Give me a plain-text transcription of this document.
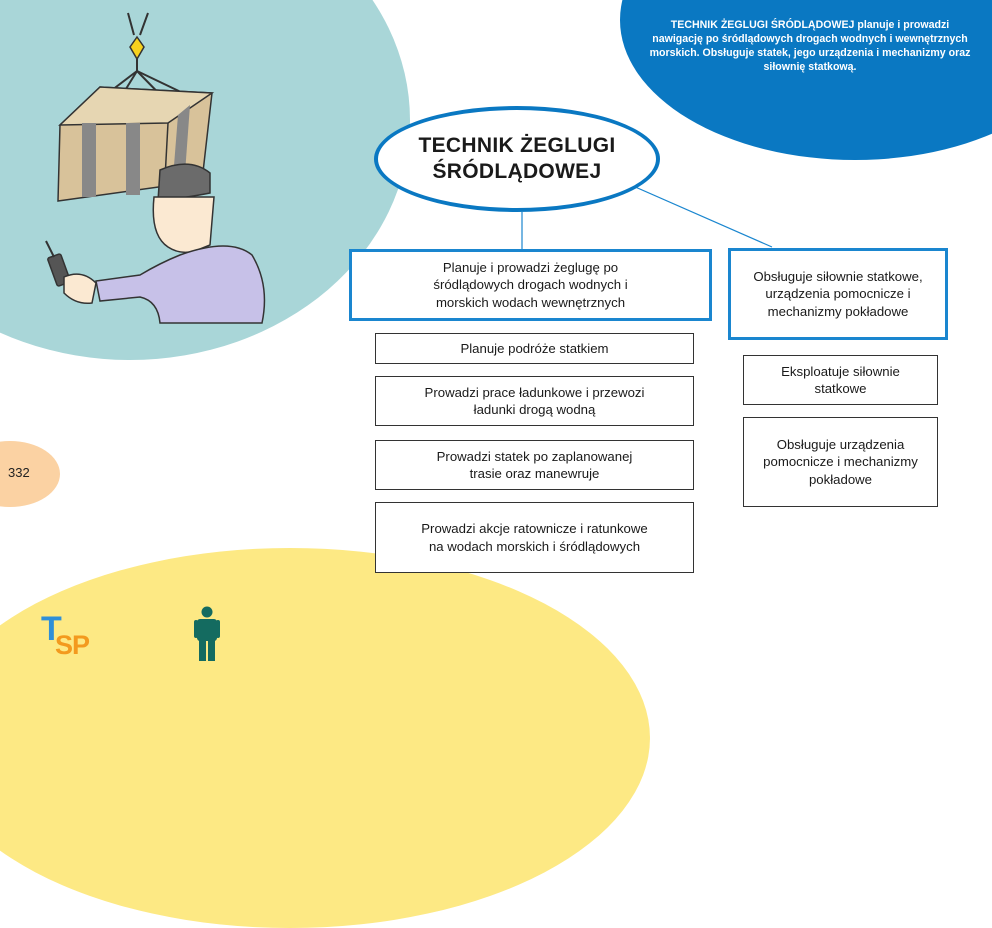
332
TECHNIK ŻEGLUGI ŚRÓDLĄDOWEJ planuje i prowadzi nawigację po śródlądowych drogach wodnych i wewnętrznych morskich. Obsługuje statek, jego urządzenia i mechanizmy oraz siłownię statkową.
TECHNIK ŻEGLUGI ŚRÓDLĄDOWEJ
Planuje i prowadzi żeglugę po śródlądowych drogach wodnych i morskich wodach wewnętrznych
Planuje podróże statkiem
Prowadzi prace ładunkowe i przewozi ładunki drogą wodną
Prowadzi statek po zaplanowanej trasie oraz manewruje
Prowadzi akcje ratownicze i ratunkowe na wodach morskich i śródlądowych
Obsługuje siłownie statkowe, urządzenia pomocnicze i mechanizmy pokładowe
Eksploatuje siłownie statkowe
Obsługuje urządzenia pomocnicze i mechanizmy pokładowe
T
SP
